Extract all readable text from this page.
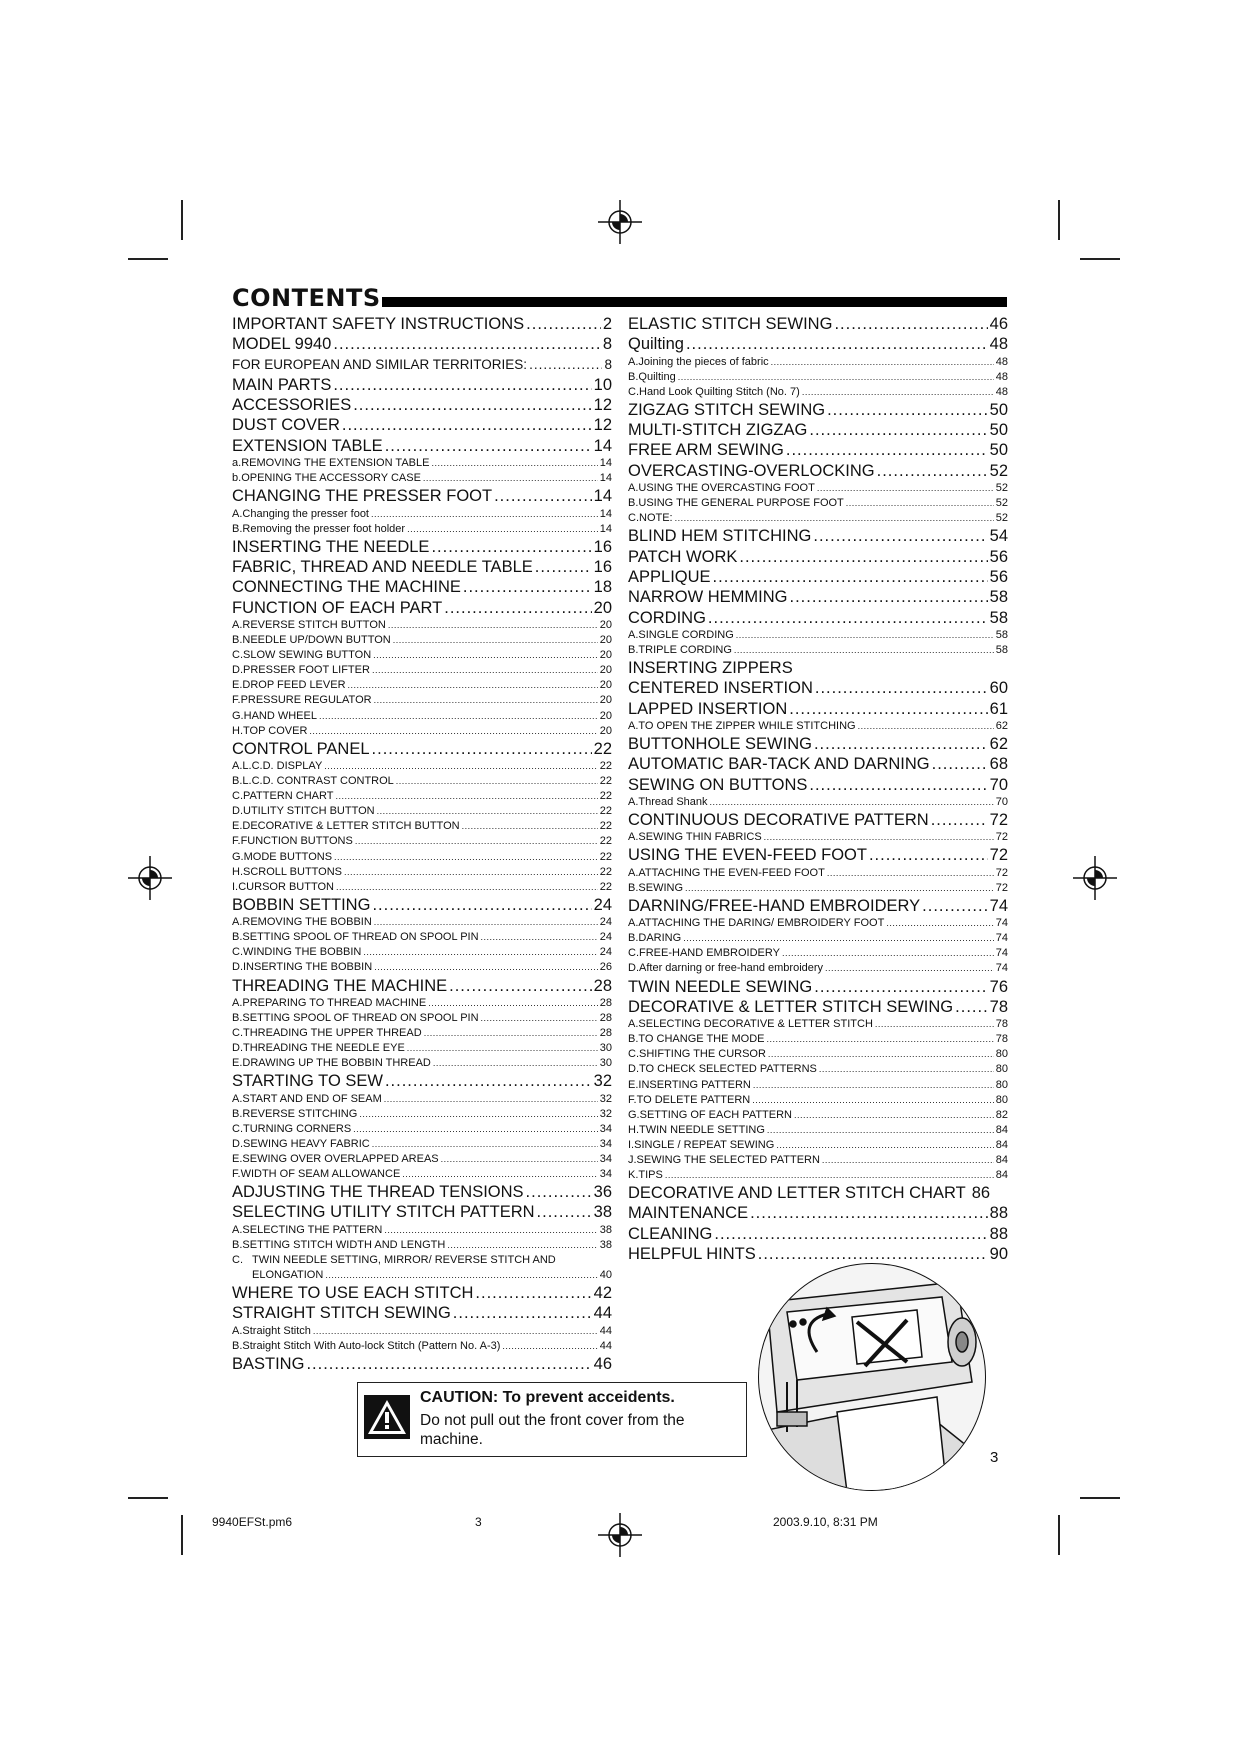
CONTENTS
IMPORTANT SAFETY INSTRUCTIONS .....	2
MODEL 9940 .....	8
FOR EUROPEAN AND SIMILAR TERRITORIES: .....	8
MAIN PARTS .....	10
ACCESSORIES .....	12
DUST COVER .....	12
EXTENSION TABLE .....	14
a. REMOVING THE EXTENSION TABLE .....	14
b. OPENING THE ACCESSORY CASE .....	14
CHANGING THE PRESSER FOOT .....	14
A. Changing the presser foot .....	14
B. Removing the presser foot holder .....	14
INSERTING THE NEEDLE .....	16
FABRIC, THREAD AND NEEDLE TABLE .....	16
CONNECTING THE MACHINE .....	18
FUNCTION OF EACH PART .....	20
A. REVERSE STITCH BUTTON .....	20
B. NEEDLE UP/DOWN BUTTON .....	20
C. SLOW SEWING BUTTON .....	20
D. PRESSER FOOT LIFTER .....	20
E. DROP FEED LEVER .....	20
F. PRESSURE REGULATOR .....	20
G. HAND WHEEL .....	20
H. TOP COVER .....	20
CONTROL PANEL .....	22
A. L.C.D. DISPLAY .....	22
B. L.C.D. CONTRAST CONTROL .....	22
C. PATTERN CHART .....	22
D. UTILITY STITCH BUTTON .....	22
E. DECORATIVE & LETTER STITCH BUTTON .....	22
F. FUNCTION BUTTONS .....	22
G. MODE BUTTONS .....	22
H. SCROLL BUTTONS .....	22
I. CURSOR BUTTON .....	22
BOBBIN SETTING .....	24
A. REMOVING THE BOBBIN .....	24
B. SETTING SPOOL OF THREAD ON SPOOL PIN .....	24
C. WINDING THE BOBBIN .....	24
D. INSERTING THE BOBBIN .....	26
THREADING THE MACHINE .....	28
A. PREPARING TO THREAD MACHINE .....	28
B. SETTING SPOOL OF THREAD ON SPOOL PIN .....	28
C. THREADING THE UPPER THREAD .....	28
D. THREADING THE NEEDLE EYE .....	30
E. DRAWING UP THE BOBBIN THREAD .....	30
STARTING TO SEW .....	32
A. START AND END OF SEAM .....	32
B. REVERSE STITCHING .....	32
C. TURNING CORNERS .....	34
D. SEWING HEAVY FABRIC .....	34
E. SEWING OVER OVERLAPPED AREAS .....	34
F. WIDTH OF SEAM ALLOWANCE .....	34
ADJUSTING THE THREAD TENSIONS .....	36
SELECTING UTILITY STITCH PATTERN .....	38
A. SELECTING THE PATTERN .....	38
B. SETTING STITCH WIDTH AND LENGTH .....	38
C. TWIN NEEDLE SETTING, MIRROR/ REVERSE STITCH AND
ELONGATION .....	40
WHERE TO USE EACH STITCH .....	42
STRAIGHT STITCH SEWING .....	44
A. Straight Stitch .....	44
B. Straight Stitch With Auto-lock Stitch (Pattern No. A-3) .....	44
BASTING .....	46
ELASTIC STITCH SEWING .....	46
Quilting .....	48
A. Joining the pieces of fabric .....	48
B. Quilting .....	48
C. Hand Look Quilting Stitch (No. 7) .....	48
ZIGZAG STITCH SEWING .....	50
MULTI-STITCH ZIGZAG .....	50
FREE ARM SEWING .....	50
OVERCASTING-OVERLOCKING .....	52
A. USING THE OVERCASTING FOOT .....	52
B. USING THE GENERAL PURPOSE FOOT .....	52
C. NOTE: .....	52
BLIND HEM STITCHING .....	54
PATCH WORK .....	56
APPLIQUE .....	56
NARROW HEMMING .....	58
CORDING .....	58
A. SINGLE CORDING .....	58
B. TRIPLE CORDING .....	58
INSERTING ZIPPERS
CENTERED INSERTION .....	60
LAPPED INSERTION .....	61
A. TO OPEN THE ZIPPER WHILE STITCHING .....	62
BUTTONHOLE SEWING .....	62
AUTOMATIC BAR-TACK AND DARNING .....	68
SEWING ON BUTTONS .....	70
A. Thread Shank .....	70
CONTINUOUS DECORATIVE PATTERN .....	72
A. SEWING THIN FABRICS .....	72
USING THE EVEN-FEED FOOT .....	72
A. ATTACHING THE EVEN-FEED FOOT .....	72
B. SEWING .....	72
DARNING/FREE-HAND EMBROIDERY .....	74
A. ATTACHING THE DARING/ EMBROIDERY FOOT .....	74
B. DARING .....	74
C. FREE-HAND EMBROIDERY .....	74
D. After darning or free-hand embroidery .....	74
TWIN NEEDLE SEWING .....	76
DECORATIVE & LETTER STITCH SEWING ..... 78
A. SELECTING DECORATIVE & LETTER STITCH .....	78
B. TO CHANGE THE MODE .....	78
C. SHIFTING THE CURSOR .....	80
D. TO CHECK SELECTED PATTERNS .....	80
E. INSERTING PATTERN .....	80
F. TO DELETE PATTERN .....	80
G. SETTING OF EACH PATTERN .....	82
H. TWIN NEEDLE SETTING .....	84
I. SINGLE / REPEAT SEWING .....	84
J.SEWING THE SELECTED PATTERN .....	84
K. TIPS .....	84
DECORATIVE AND LETTER STITCH CHART 86
MAINTENANCE .....	88
CLEANING .....	88
HELPFUL HINTS .....	90
CAUTION: To prevent acceidents.
Do not pull out the front cover from the machine.
3
9940EFSt.pm6	3	2003.9.10, 8:31 PM
